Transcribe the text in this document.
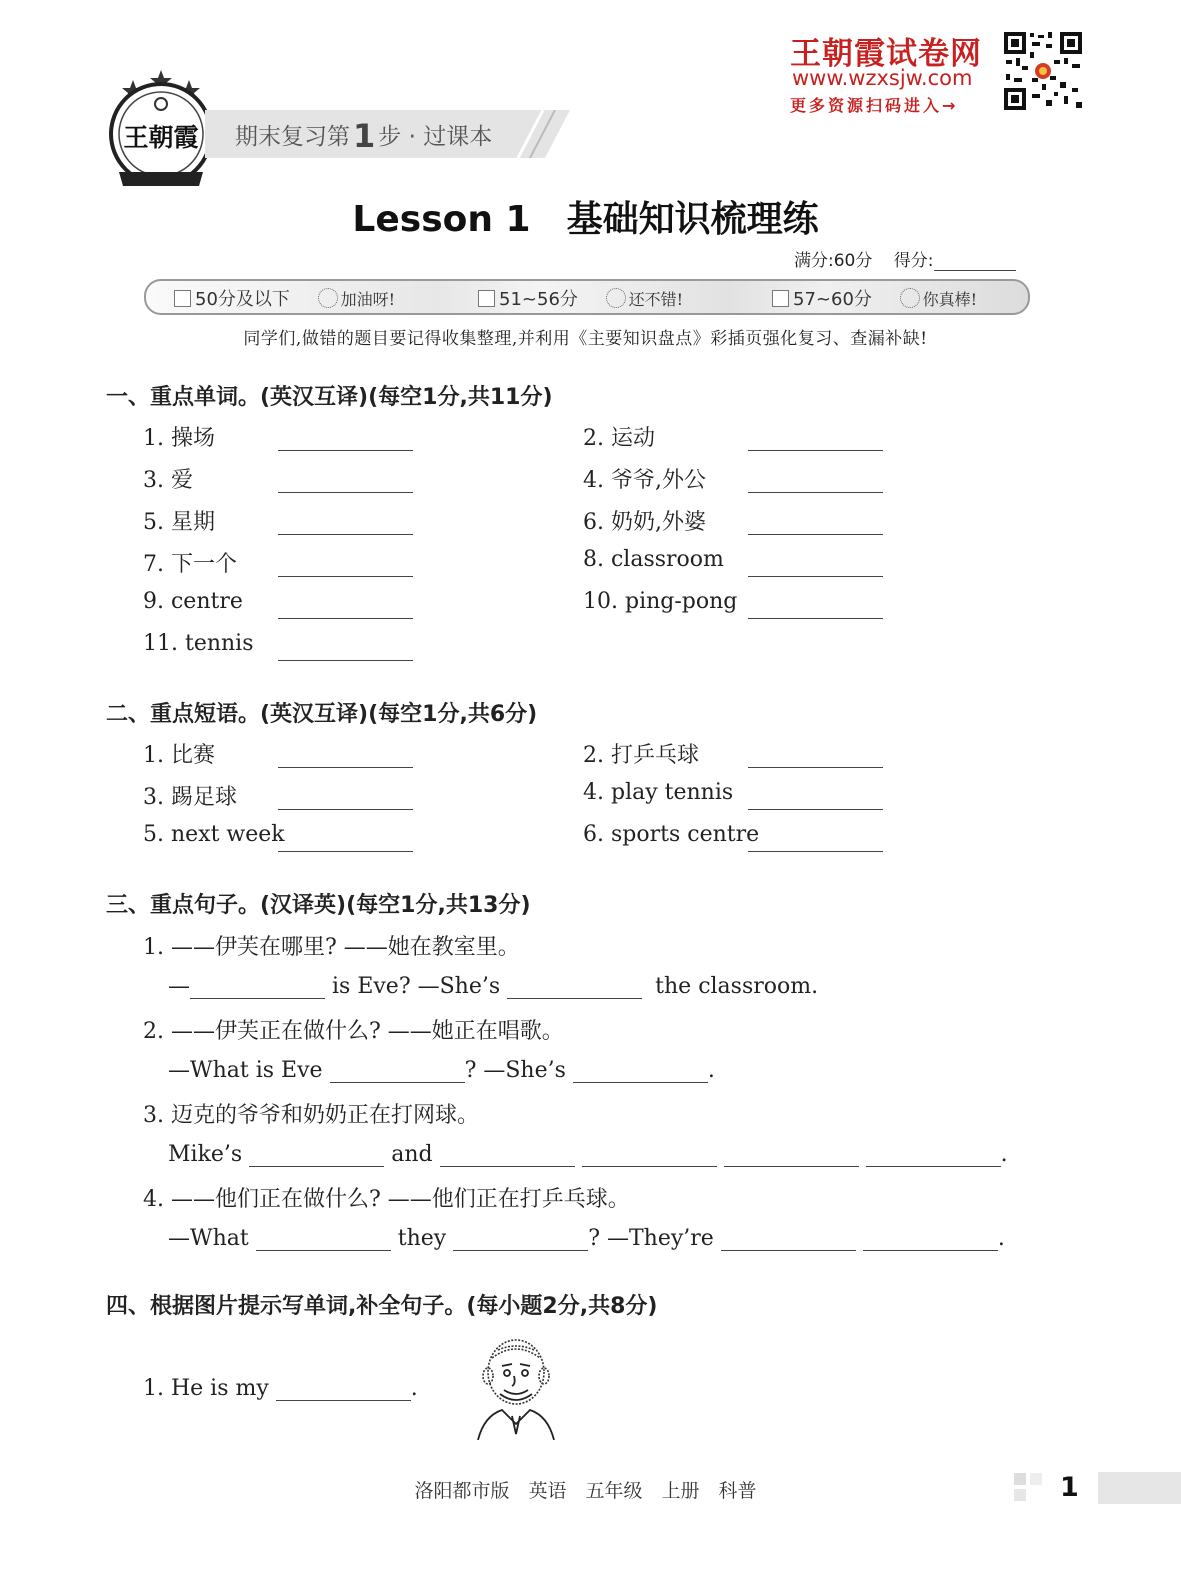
王朝霞试卷网
www.wzxsjw.com
更多资源扫码进入→
王朝霞 期末复习第1 步 · 过课本
Lesson 1　基础知识梳理练
满分:60分 得分:
50分及以下	加油呀!	51~56分	还不错!	57~60分	你真棒!
同学们,做错的题目要记得收集整理,并利用《主要知识盘点》彩插页强化复习、查漏补缺!
一、重点单词。(英汉互译)(每空1分,共11分)
1. 操场	2. 运动
3. 爱	4. 爷爷,外公
5. 星期	6. 奶奶,外婆
7. 下一个	8. classroom
9. centre	10. ping-pong
11. tennis
二、重点短语。(英汉互译)(每空1分,共6分)
1. 比赛	2. 打乒乓球
3. 踢足球	4. play tennis
5. next week	6. sports centre
三、重点句子。(汉译英)(每空1分,共13分)
1. ——伊芙在哪里? ——她在教室里。
—	is Eve? —She’s	the classroom.
2. ——伊芙正在做什么? ——她正在唱歌。
—What is Eve	? —She’s	.
3. 迈克的爷爷和奶奶正在打网球。
Mike’s	and	.
4. ——他们正在做什么? ——他们正在打乒乓球。
—What	they	? —They’re	.
四、根据图片提示写单词,补全句子。(每小题2分,共8分)
1. He is my	.
洛阳都市版　英语　五年级　上册　科普	1
